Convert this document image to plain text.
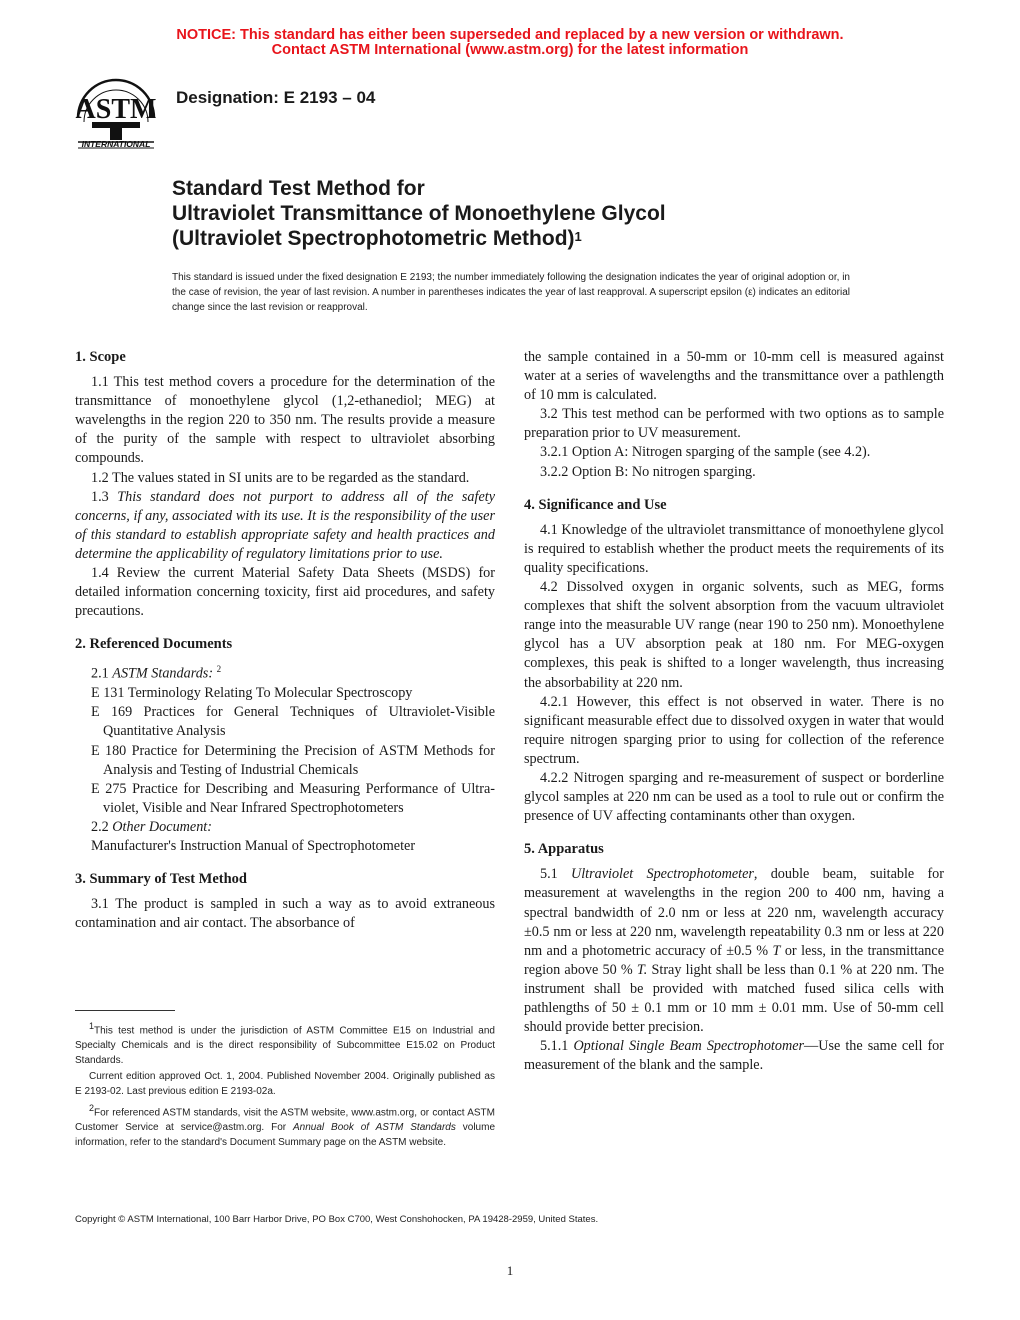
NOTICE: This standard has either been superseded and replaced by a new version or withdrawn.
Contact ASTM International (www.astm.org) for the latest information
ASTM
INTERNATIONAL
Designation: E 2193 – 04
Standard Test Method for
Ultraviolet Transmittance of Monoethylene Glycol
(Ultraviolet Spectrophotometric Method)$^1$
This standard is issued under the fixed designation E 2193; the number immediately following the designation indicates the year of original adoption or, in the case of revision, the year of last revision. A number in parentheses indicates the year of last reapproval. A superscript epsilon (ε) indicates an editorial change since the last revision or reapproval.
1. Scope

1.1 This test method covers a procedure for the determination of the transmittance of monoethylene glycol (1,2-ethanediol; MEG) at wavelengths in the region 220 to 350 nm. The results provide a measure of the purity of the sample with respect to ultraviolet absorbing compounds.

1.2 The values stated in SI units are to be regarded as the standard.

1.3 This standard does not purport to address all of the safety concerns, if any, associated with its use. It is the responsibility of the user of this standard to establish appropriate safety and health practices and determine the applicability of regulatory limitations prior to use.

1.4 Review the current Material Safety Data Sheets (MSDS) for detailed information concerning toxicity, first aid procedures, and safety precautions.

2. Referenced Documents

2.1 ASTM Standards: $^2$

E 131 Terminology Relating To Molecular Spectroscopy

E 169 Practices for General Techniques of Ultraviolet-Visible Quantitative Analysis

E 180 Practice for Determining the Precision of ASTM Methods for Analysis and Testing of Industrial Chemicals

E 275 Practice for Describing and Measuring Performance of Ultra-violet, Visible and Near Infrared Spectrophotometers

2.2 Other Document:

Manufacturer's Instruction Manual of Spectrophotometer

3. Summary of Test Method

3.1 The product is sampled in such a way as to avoid extraneous contamination and air contact. The absorbance of

the sample contained in a 50-mm or 10-mm cell is measured against water at a series of wavelengths and the transmittance over a pathlength of 10 mm is calculated.

3.2 This test method can be performed with two options as to sample preparation prior to UV measurement.

3.2.1 Option A: Nitrogen sparging of the sample (see 4.2).

3.2.2 Option B: No nitrogen sparging.

4. Significance and Use

4.1 Knowledge of the ultraviolet transmittance of monoethylene glycol is required to establish whether the product meets the requirements of its quality specifications.

4.2 Dissolved oxygen in organic solvents, such as MEG, forms complexes that shift the solvent absorption from the vacuum ultraviolet range into the measurable UV range (near 190 to 250 nm). Monoethylene glycol has a UV absorption peak at 180 nm. For MEG-oxygen complexes, this peak is shifted to a longer wavelength, thus increasing the absorbability at 220 nm.

4.2.1 However, this effect is not observed in water. There is no significant measurable effect due to dissolved oxygen in water that would require nitrogen sparging prior to using for collection of the reference spectrum.

4.2.2 Nitrogen sparging and re-measurement of suspect or borderline glycol samples at 220 nm can be used as a tool to rule out or confirm the presence of UV affecting contaminants other than oxygen.

5. Apparatus

5.1 Ultraviolet Spectrophotometer, double beam, suitable for measurement at wavelengths in the region 200 to 400 nm, having a spectral bandwidth of 2.0 nm or less at 220 nm, wavelength accuracy ±0.5 nm or less at 220 nm, wavelength repeatability 0.3 nm or less at 220 nm and a photometric accuracy of ±0.5 % T or less, in the transmittance region above 50 % T. Stray light shall be less than 0.1 % at 220 nm. The instrument shall be provided with matched fused silica cells with pathlengths of 50 ± 0.1 mm or 10 mm ± 0.01 mm. Use of 50-mm cell should provide better precision.

5.1.1 Optional Single Beam Spectrophotomer—Use the same cell for measurement of the blank and the sample.

$^1$This test method is under the jurisdiction of ASTM Committee E15 on Industrial and Specialty Chemicals and is the direct responsibility of Subcommittee E15.02 on Product Standards.

Current edition approved Oct. 1, 2004. Published November 2004. Originally published as E 2193-02. Last previous edition E 2193-02a.

$^2$For referenced ASTM standards, visit the ASTM website, www.astm.org, or contact ASTM Customer Service at service@astm.org. For Annual Book of ASTM Standards volume information, refer to the standard's Document Summary page on the ASTM website.

Copyright © ASTM International, 100 Barr Harbor Drive, PO Box C700, West Conshohocken, PA 19428-2959, United States.
1
